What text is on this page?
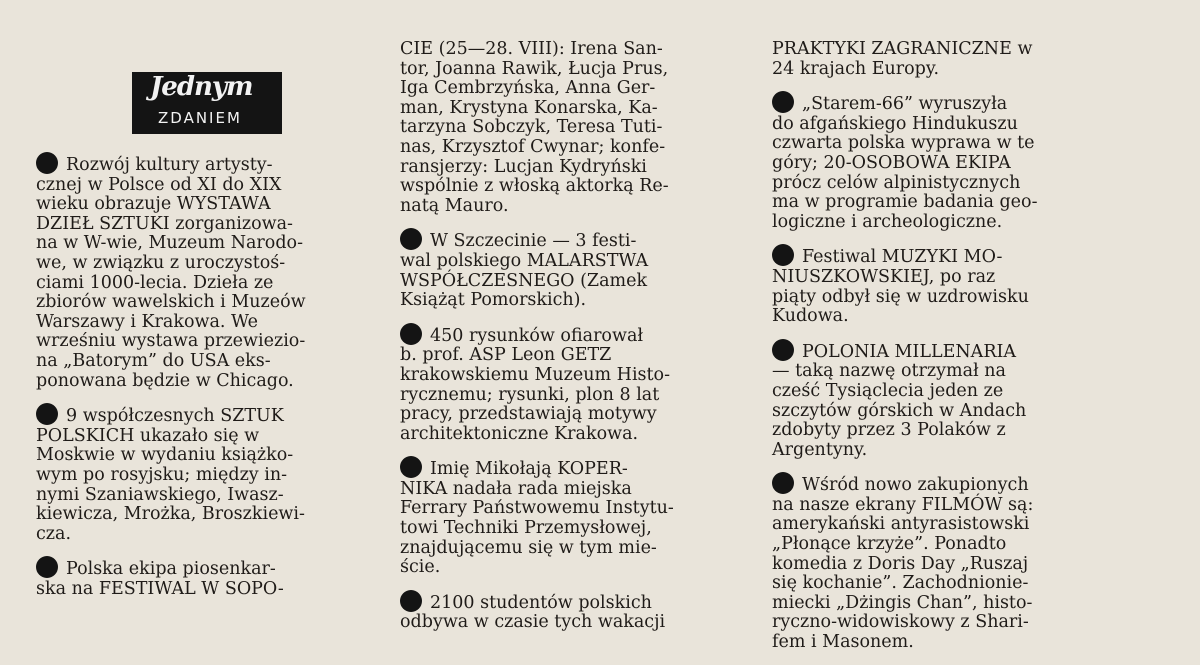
Jednym
ZDANIEM
Rozwój kultury artysty-
cznej w Polsce od XI do XIX
wieku obrazuje WYSTAWA
DZIEŁ SZTUKI zorganizowa-
na w W-wie, Muzeum Narodo-
we, w związku z uroczystoś-
ciami 1000-lecia. Dzieła ze
zbiorów wawelskich i Muzeów
Warszawy i Krakowa. We
wrześniu wystawa przewiezio-
na „Batorym” do USA eks-
ponowana będzie w Chicago.
9 współczesnych SZTUK
POLSKICH ukazało się w
Moskwie w wydaniu książko-
wym po rosyjsku; między in-
nymi Szaniawskiego, Iwasz-
kiewicza, Mrożka, Broszkiewi-
cza.
Polska ekipa piosenkar-
ska na FESTIWAL W SOPO-
CIE (25—28. VIII): Irena San-
tor, Joanna Rawik, Łucja Prus,
Iga Cembrzyńska, Anna Ger-
man, Krystyna Konarska, Ka-
tarzyna Sobczyk, Teresa Tuti-
nas, Krzysztof Cwynar; konfe-
ransjerzy: Lucjan Kydryński
wspólnie z włoską aktorką Re-
natą Mauro.
W Szczecinie — 3 festi-
wal polskiego MALARSTWA
WSPÓŁCZESNEGO (Zamek
Książąt Pomorskich).
450 rysunków ofiarował
b. prof. ASP Leon GETZ
krakowskiemu Muzeum Histo-
rycznemu; rysunki, plon 8 lat
pracy, przedstawiają motywy
architektoniczne Krakowa.
Imię Mikołają KOPER-
NIKA nadała rada miejska
Ferrary Państwowemu Instytu-
towi Techniki Przemysłowej,
znajdującemu się w tym mie-
ście.
2100 studentów polskich
odbywa w czasie tych wakacji
PRAKTYKI ZAGRANICZNE w
24 krajach Europy.
„Starem-66” wyruszyła
do afgańskiego Hindukuszu
czwarta polska wyprawa w te
góry; 20-OSOBOWA EKIPA
prócz celów alpinistycznych
ma w programie badania geo-
logiczne i archeologiczne.
Festiwal MUZYKI MO-
NIUSZKOWSKIEJ, po raz
piąty odbył się w uzdrowisku
Kudowa.
POLONIA MILLENARIA
— taką nazwę otrzymał na
cześć Tysiąclecia jeden ze
szczytów górskich w Andach
zdobyty przez 3 Polaków z
Argentyny.
Wśród nowo zakupionych
na nasze ekrany FILMÓW są:
amerykański antyrasistowski
„Płonące krzyże”. Ponadto
komedia z Doris Day „Ruszaj
się kochanie”. Zachodnionie-
miecki „Dżingis Chan”, histo-
ryczno-widowiskowy z Shari-
fem i Masonem.
